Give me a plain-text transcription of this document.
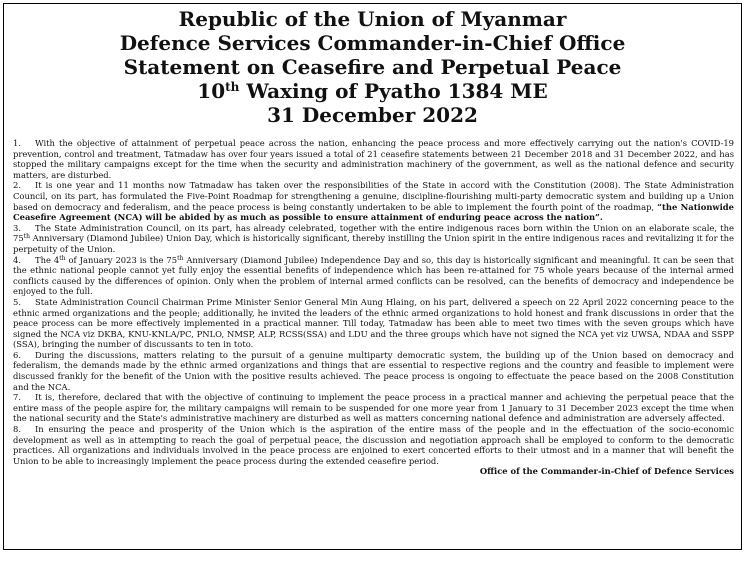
Republic of the Union of Myanmar
Defence Services Commander-in-Chief Office
Statement on Ceasefire and Perpetual Peace
10th Waxing of Pyatho 1384 ME
31 December 2022

1. With the objective of attainment of perpetual peace across the nation, enhancing the peace process and more effectively carrying out the nation's COVID-19 prevention, control and treatment, Tatmadaw has over four years issued a total of 21 ceasefire statements between 21 December 2018 and 31 December 2022, and has stopped the military campaigns except for the time when the security and administration machinery of the government, as well as the national defence and security matters, are disturbed.

2. It is one year and 11 months now Tatmadaw has taken over the responsibilities of the State in accord with the Constitution (2008). The State Administration Council, on its part, has formulated the Five-Point Roadmap for strengthening a genuine, discipline-flourishing multi-party democratic system and building up a Union based on democracy and federalism, and the peace process is being constantly undertaken to be able to implement the fourth point of the roadmap, “the Nationwide Ceasefire Agreement (NCA) will be abided by as much as possible to ensure attainment of enduring peace across the nation”.

3. The State Administration Council, on its part, has already celebrated, together with the entire indigenous races born within the Union on an elaborate scale, the 75th Anniversary (Diamond Jubilee) Union Day, which is historically significant, thereby instilling the Union spirit in the entire indigenous races and revitalizing it for the perpetuity of the Union.

4. The 4th of January 2023 is the 75th Anniversary (Diamond Jubilee) Independence Day and so, this day is historically significant and meaningful. It can be seen that the ethnic national people cannot yet fully enjoy the essential benefits of independence which has been re-attained for 75 whole years because of the internal armed conflicts caused by the differences of opinion. Only when the problem of internal armed conflicts can be resolved, can the benefits of democracy and independence be enjoyed to the full.

5. State Administration Council Chairman Prime Minister Senior General Min Aung Hlaing, on his part, delivered a speech on 22 April 2022 concerning peace to the ethnic armed organizations and the people; additionally, he invited the leaders of the ethnic armed organizations to hold honest and frank discussions in order that the peace process can be more effectively implemented in a practical manner. Till today, Tatmadaw has been able to meet two times with the seven groups which have signed the NCA viz DKBA, KNU-KNLA/PC, PNLO, NMSP, ALP, RCSS(SSA) and LDU and the three groups which have not signed the NCA yet viz UWSA, NDAA and SSPP (SSA), bringing the number of discussants to ten in toto.

6. During the discussions, matters relating to the pursuit of a genuine multiparty democratic system, the building up of the Union based on democracy and federalism, the demands made by the ethnic armed organizations and things that are essential to respective regions and the country and feasible to implement were discussed frankly for the benefit of the Union with the positive results achieved. The peace process is ongoing to effectuate the peace based on the 2008 Constitution and the NCA.

7. It is, therefore, declared that with the objective of continuing to implement the peace process in a practical manner and achieving the perpetual peace that the entire mass of the people aspire for, the military campaigns will remain to be suspended for one more year from 1 January to 31 December 2023 except the time when the national security and the State's administrative machinery are disturbed as well as matters concerning national defence and administration are adversely affected.

8. In ensuring the peace and prosperity of the Union which is the aspiration of the entire mass of the people and in the effectuation of the socio-economic development as well as in attempting to reach the goal of perpetual peace, the discussion and negotiation approach shall be employed to conform to the democratic practices. All organizations and individuals involved in the peace process are enjoined to exert concerted efforts to their utmost and in a manner that will benefit the Union to be able to increasingly implement the peace process during the extended ceasefire period.

Office of the Commander-in-Chief of Defence Services
